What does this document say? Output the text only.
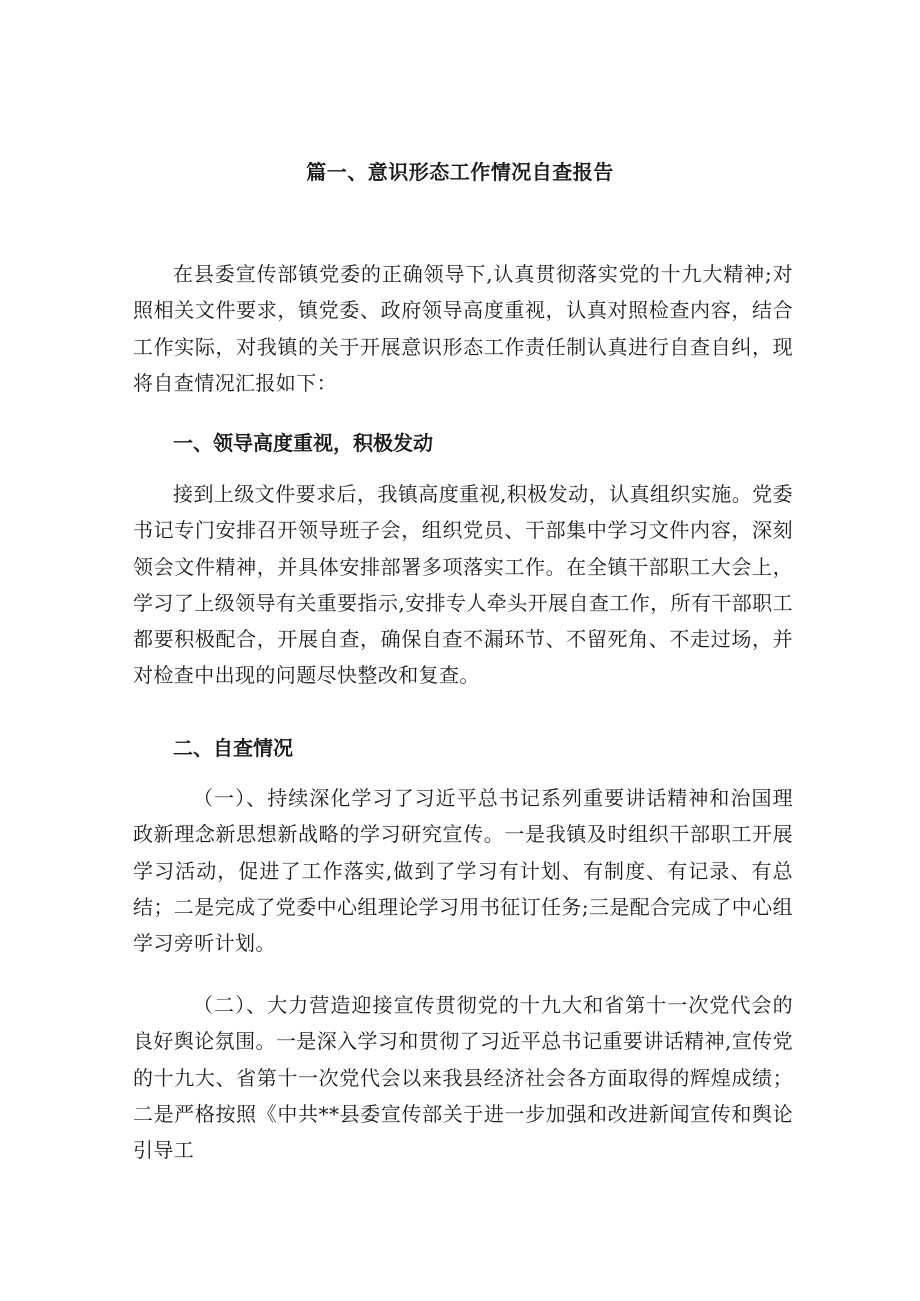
篇一、意识形态工作情况自查报告

在县委宣传部镇党委的正确领导下,认真贯彻落实党的十九大精神;对照相关文件要求，镇党委、政府领导高度重视，认真对照检查内容，结合工作实际，对我镇的关于开展意识形态工作责任制认真进行自查自纠，现将自查情况汇报如下：

一、领导高度重视，积极发动

接到上级文件要求后，我镇高度重视,积极发动，认真组织实施。党委书记专门安排召开领导班子会，组织党员、干部集中学习文件内容，深刻领会文件精神，并具体安排部署多项落实工作。在全镇干部职工大会上，学习了上级领导有关重要指示,安排专人牵头开展自查工作，所有干部职工都要积极配合，开展自查，确保自查不漏环节、不留死角、不走过场，并对检查中出现的问题尽快整改和复查。

二、自查情况

（一）、持续深化学习了习近平总书记系列重要讲话精神和治国理政新理念新思想新战略的学习研究宣传。一是我镇及时组织干部职工开展学习活动，促进了工作落实,做到了学习有计划、有制度、有记录、有总结；二是完成了党委中心组理论学习用书征订任务;三是配合完成了中心组学习旁听计划。

（二）、大力营造迎接宣传贯彻党的十九大和省第十一次党代会的良好舆论氛围。一是深入学习和贯彻了习近平总书记重要讲话精神,宣传党的十九大、省第十一次党代会以来我县经济社会各方面取得的辉煌成绩；二是严格按照《中共**县委宣传部关于进一步加强和改进新闻宣传和舆论引导工
